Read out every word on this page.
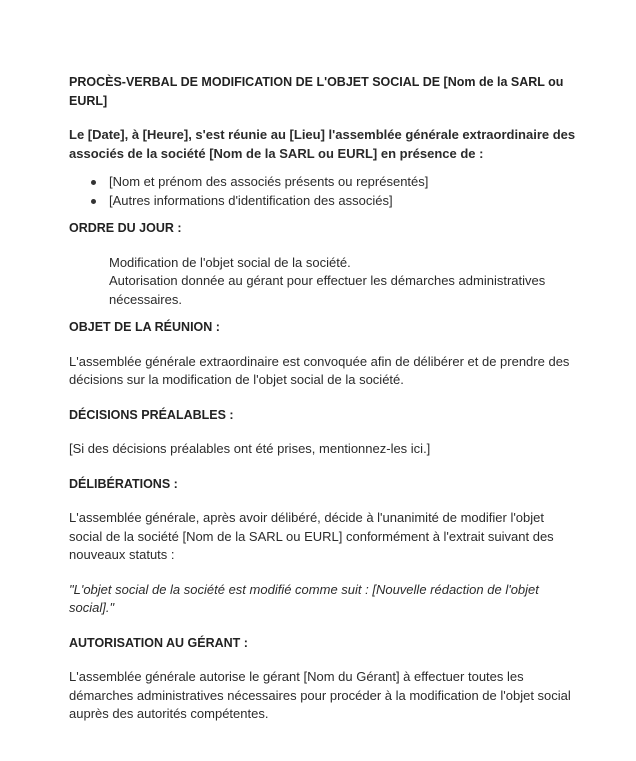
PROCÈS-VERBAL DE MODIFICATION DE L'OBJET SOCIAL DE [Nom de la SARL ou EURL]

Le [Date], à [Heure], s'est réunie au [Lieu] l'assemblée générale extraordinaire des associés de la société [Nom de la SARL ou EURL] en présence de :

[Nom et prénom des associés présents ou représentés]
[Autres informations d'identification des associés]

ORDRE DU JOUR :

Modification de l'objet social de la société.

Autorisation donnée au gérant pour effectuer les démarches administratives nécessaires.

OBJET DE LA RÉUNION :

L'assemblée générale extraordinaire est convoquée afin de délibérer et de prendre des décisions sur la modification de l'objet social de la société.

DÉCISIONS PRÉALABLES :

[Si des décisions préalables ont été prises, mentionnez-les ici.]

DÉLIBÉRATIONS :

L'assemblée générale, après avoir délibéré, décide à l'unanimité de modifier l'objet social de la société [Nom de la SARL ou EURL] conformément à l'extrait suivant des nouveaux statuts :

"L'objet social de la société est modifié comme suit : [Nouvelle rédaction de l'objet social]."

AUTORISATION AU GÉRANT :

L'assemblée générale autorise le gérant [Nom du Gérant] à effectuer toutes les démarches administratives nécessaires pour procéder à la modification de l'objet social auprès des autorités compétentes.
